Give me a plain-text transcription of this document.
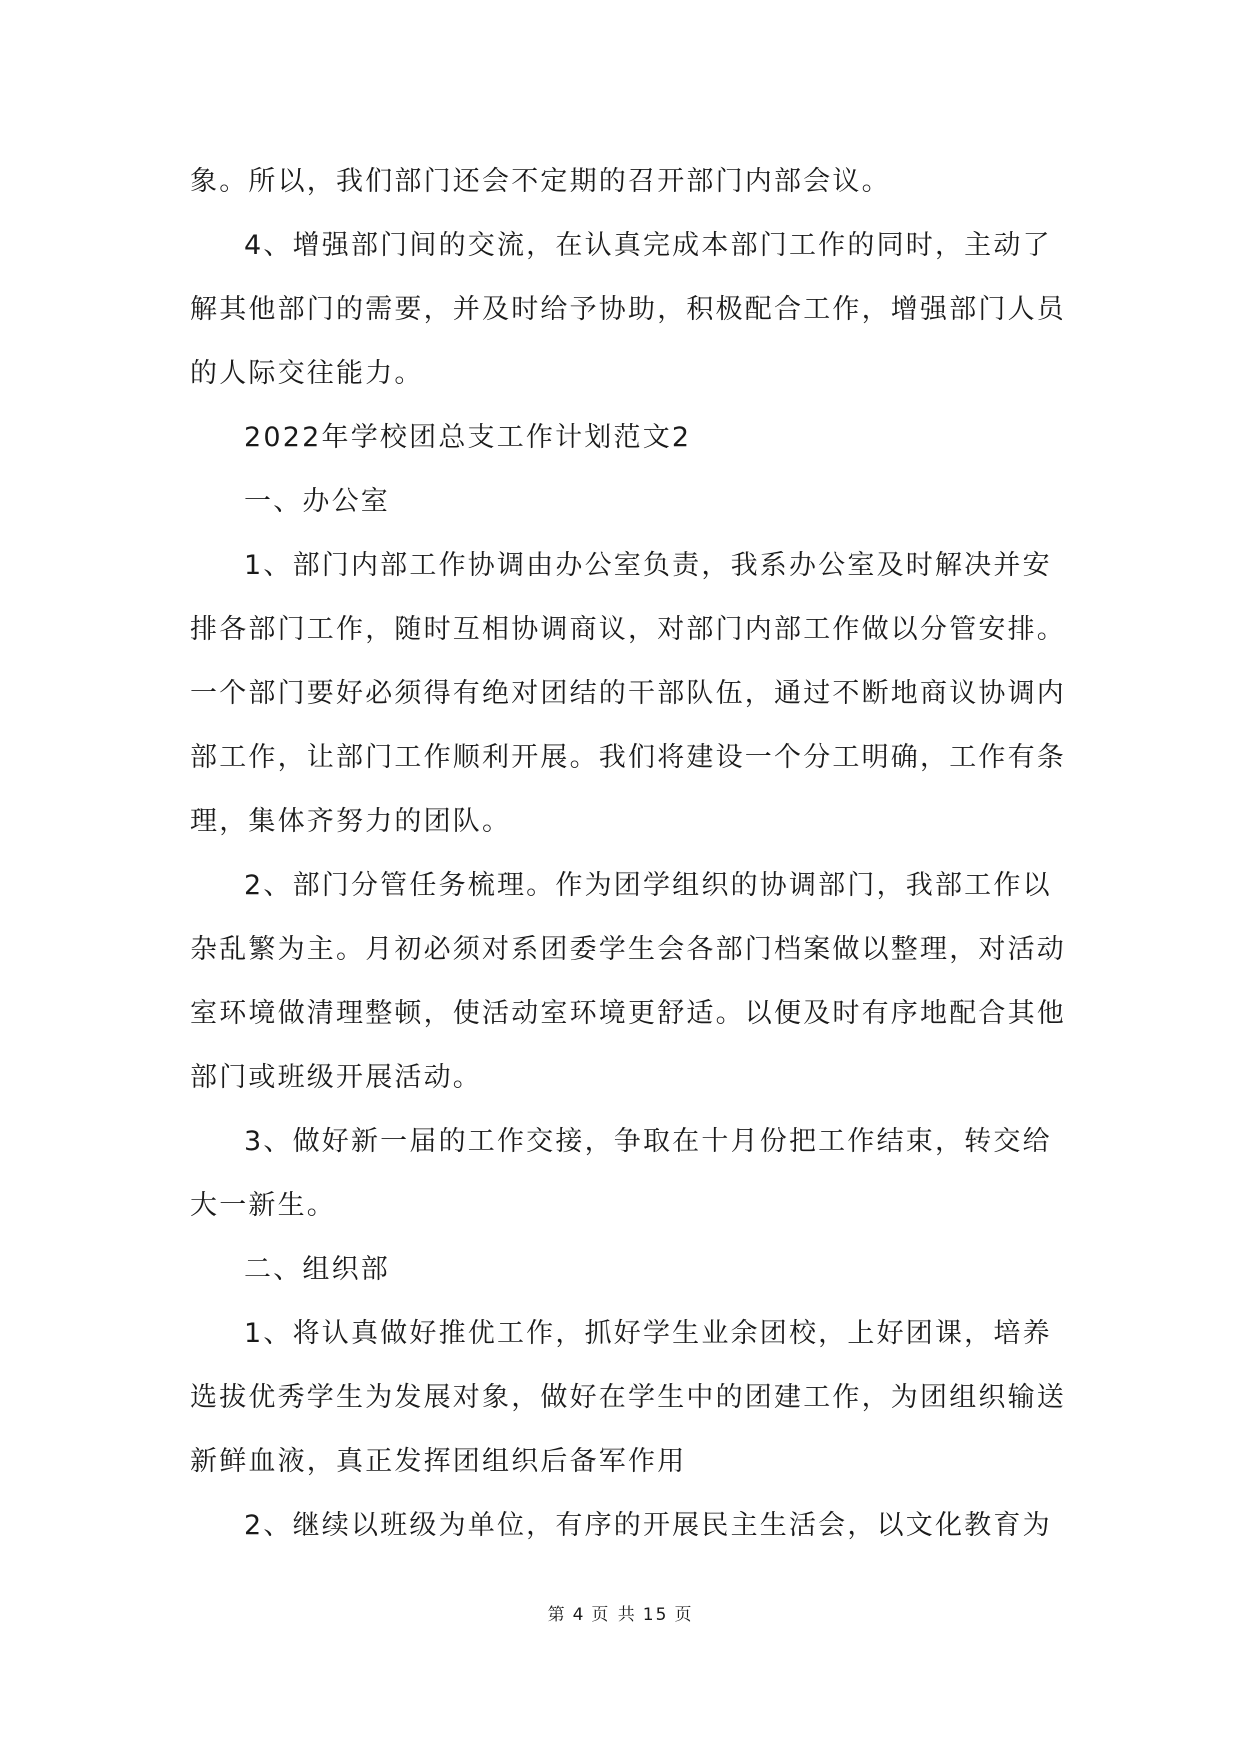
象。所以，我们部门还会不定期的召开部门内部会议。
4、增强部门间的交流，在认真完成本部门工作的同时，主动了
解其他部门的需要，并及时给予协助，积极配合工作，增强部门人员
的人际交往能力。
2022年学校团总支工作计划范文2
一、办公室
1、部门内部工作协调由办公室负责，我系办公室及时解决并安
排各部门工作，随时互相协调商议，对部门内部工作做以分管安排。
一个部门要好必须得有绝对团结的干部队伍，通过不断地商议协调内
部工作，让部门工作顺利开展。我们将建设一个分工明确，工作有条
理，集体齐努力的团队。
2、部门分管任务梳理。作为团学组织的协调部门，我部工作以
杂乱繁为主。月初必须对系团委学生会各部门档案做以整理，对活动
室环境做清理整顿，使活动室环境更舒适。以便及时有序地配合其他
部门或班级开展活动。
3、做好新一届的工作交接，争取在十月份把工作结束，转交给
大一新生。
二、组织部
1、将认真做好推优工作，抓好学生业余团校，上好团课，培养
选拔优秀学生为发展对象，做好在学生中的团建工作，为团组织输送
新鲜血液，真正发挥团组织后备军作用
2、继续以班级为单位，有序的开展民主生活会，以文化教育为
第 4 页 共 15 页
